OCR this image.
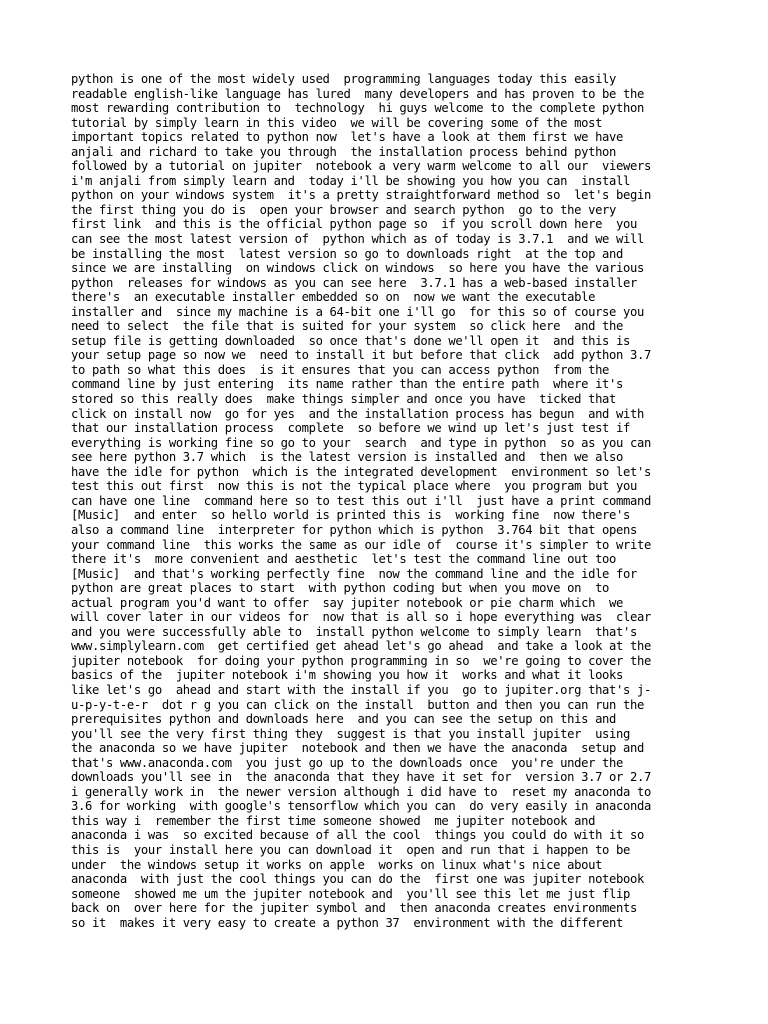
python is one of the most widely used  programming languages today this easily
readable english-like language has lured  many developers and has proven to be the
most rewarding contribution to  technology  hi guys welcome to the complete python
tutorial by simply learn in this video  we will be covering some of the most
important topics related to python now  let's have a look at them first we have
anjali and richard to take you through  the installation process behind python
followed by a tutorial on jupiter  notebook a very warm welcome to all our  viewers
i'm anjali from simply learn and  today i'll be showing you how you can  install
python on your windows system  it's a pretty straightforward method so  let's begin
the first thing you do is  open your browser and search python  go to the very
first link  and this is the official python page so  if you scroll down here  you
can see the most latest version of  python which as of today is 3.7.1  and we will
be installing the most  latest version so go to downloads right  at the top and
since we are installing  on windows click on windows  so here you have the various
python  releases for windows as you can see here  3.7.1 has a web-based installer
there's  an executable installer embedded so on  now we want the executable
installer and  since my machine is a 64-bit one i'll go  for this so of course you
need to select  the file that is suited for your system  so click here  and the
setup file is getting downloaded  so once that's done we'll open it  and this is
your setup page so now we  need to install it but before that click  add python 3.7
to path so what this does  is it ensures that you can access python  from the
command line by just entering  its name rather than the entire path  where it's
stored so this really does  make things simpler and once you have  ticked that
click on install now  go for yes  and the installation process has begun  and with
that our installation process  complete  so before we wind up let's just test if
everything is working fine so go to your  search  and type in python  so as you can
see here python 3.7 which  is the latest version is installed and  then we also
have the idle for python  which is the integrated development  environment so let's
test this out first  now this is not the typical place where  you program but you
can have one line  command here so to test this out i'll  just have a print command
[Music]  and enter  so hello world is printed this is  working fine  now there's
also a command line  interpreter for python which is python  3.764 bit that opens
your command line  this works the same as our idle of  course it's simpler to write
there it's  more convenient and aesthetic  let's test the command line out too
[Music]  and that's working perfectly fine  now the command line and the idle for
python are great places to start  with python coding but when you move on  to
actual program you'd want to offer  say jupiter notebook or pie charm which  we
will cover later in our videos for  now that is all so i hope everything was  clear
and you were successfully able to  install python welcome to simply learn  that's
www.simplylearn.com  get certified get ahead let's go ahead  and take a look at the
jupiter notebook  for doing your python programming in so  we're going to cover the
basics of the  jupiter notebook i'm showing you how it  works and what it looks
like let's go  ahead and start with the install if you  go to jupiter.org that's j-
u-p-y-t-e-r  dot r g you can click on the install  button and then you can run the
prerequisites python and downloads here  and you can see the setup on this and
you'll see the very first thing they  suggest is that you install jupiter  using
the anaconda so we have jupiter  notebook and then we have the anaconda  setup and
that's www.anaconda.com  you just go up to the downloads once  you're under the
downloads you'll see in  the anaconda that they have it set for  version 3.7 or 2.7
i generally work in  the newer version although i did have to  reset my anaconda to
3.6 for working  with google's tensorflow which you can  do very easily in anaconda
this way i  remember the first time someone showed  me jupiter notebook and
anaconda i was  so excited because of all the cool  things you could do with it so
this is  your install here you can download it  open and run that i happen to be
under  the windows setup it works on apple  works on linux what's nice about
anaconda  with just the cool things you can do the  first one was jupiter notebook
someone  showed me um the jupiter notebook and  you'll see this let me just flip
back on  over here for the jupiter symbol and  then anaconda creates environments
so it  makes it very easy to create a python 37  environment with the different
